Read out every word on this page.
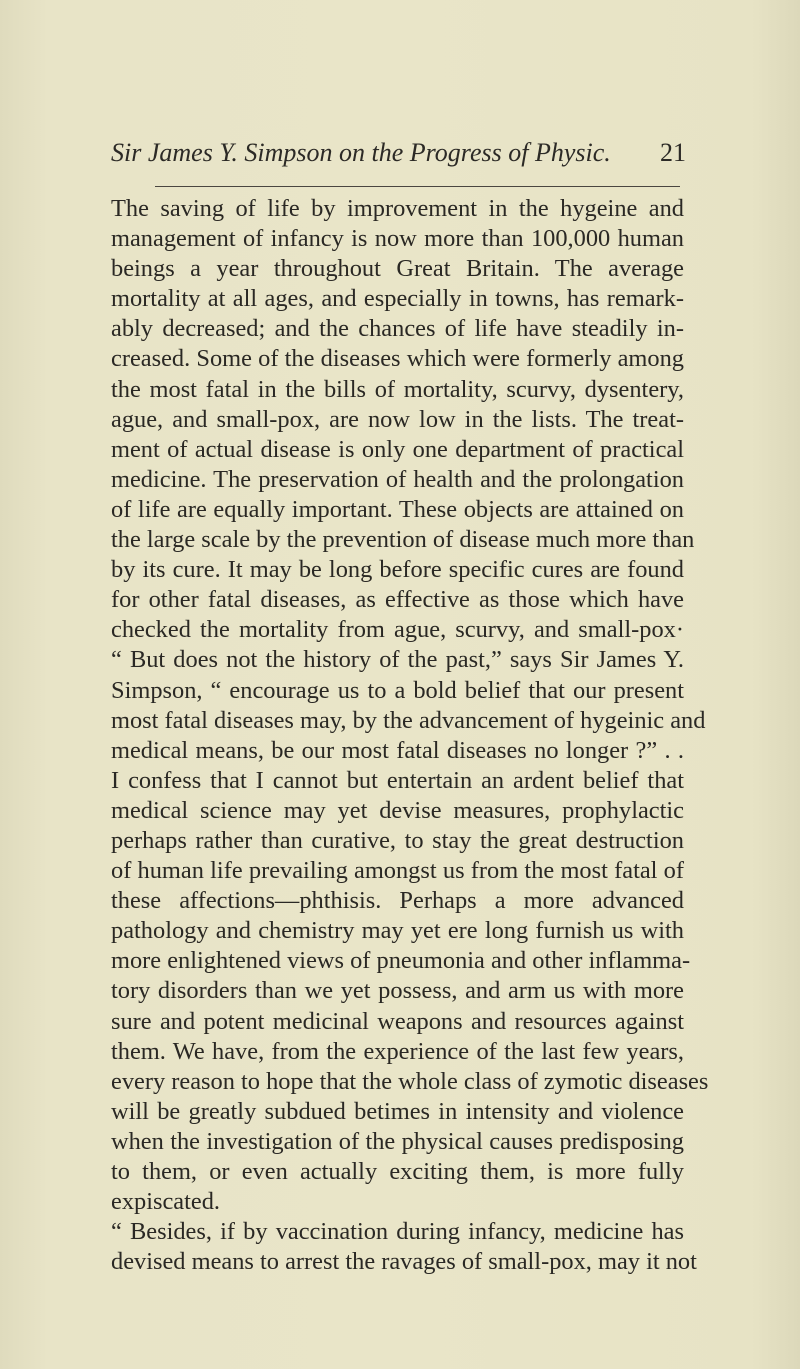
Sir James Y. Simpson on the Progress of Physic. 21
The saving of life by improvement in the hygeine and
management of infancy is now more than 100,000 human
beings a year throughout Great Britain. The average
mortality at all ages, and especially in towns, has remark-
ably decreased; and the chances of life have steadily in-
creased. Some of the diseases which were formerly among
the most fatal in the bills of mortality, scurvy, dysentery,
ague, and small-pox, are now low in the lists. The treat-
ment of actual disease is only one department of practical
medicine. The preservation of health and the prolongation
of life are equally important. These objects are attained on
the large scale by the prevention of disease much more than
by its cure. It may be long before specific cures are found
for other fatal diseases, as effective as those which have
checked the mortality from ague, scurvy, and small-pox·
“ But does not the history of the past,” says Sir James Y.
Simpson, “ encourage us to a bold belief that our present
most fatal diseases may, by the advancement of hygeinic and
medical means, be our most fatal diseases no longer ?” . .
I confess that I cannot but entertain an ardent belief that
medical science may yet devise measures, prophylactic
perhaps rather than curative, to stay the great destruction
of human life prevailing amongst us from the most fatal of
these affections—phthisis. Perhaps a more advanced
pathology and chemistry may yet ere long furnish us with
more enlightened views of pneumonia and other inflamma-
tory disorders than we yet possess, and arm us with more
sure and potent medicinal weapons and resources against
them. We have, from the experience of the last few years,
every reason to hope that the whole class of zymotic diseases
will be greatly subdued betimes in intensity and violence
when the investigation of the physical causes predisposing
to them, or even actually exciting them, is more fully
expiscated.
“ Besides, if by vaccination during infancy, medicine has
devised means to arrest the ravages of small-pox, may it not
